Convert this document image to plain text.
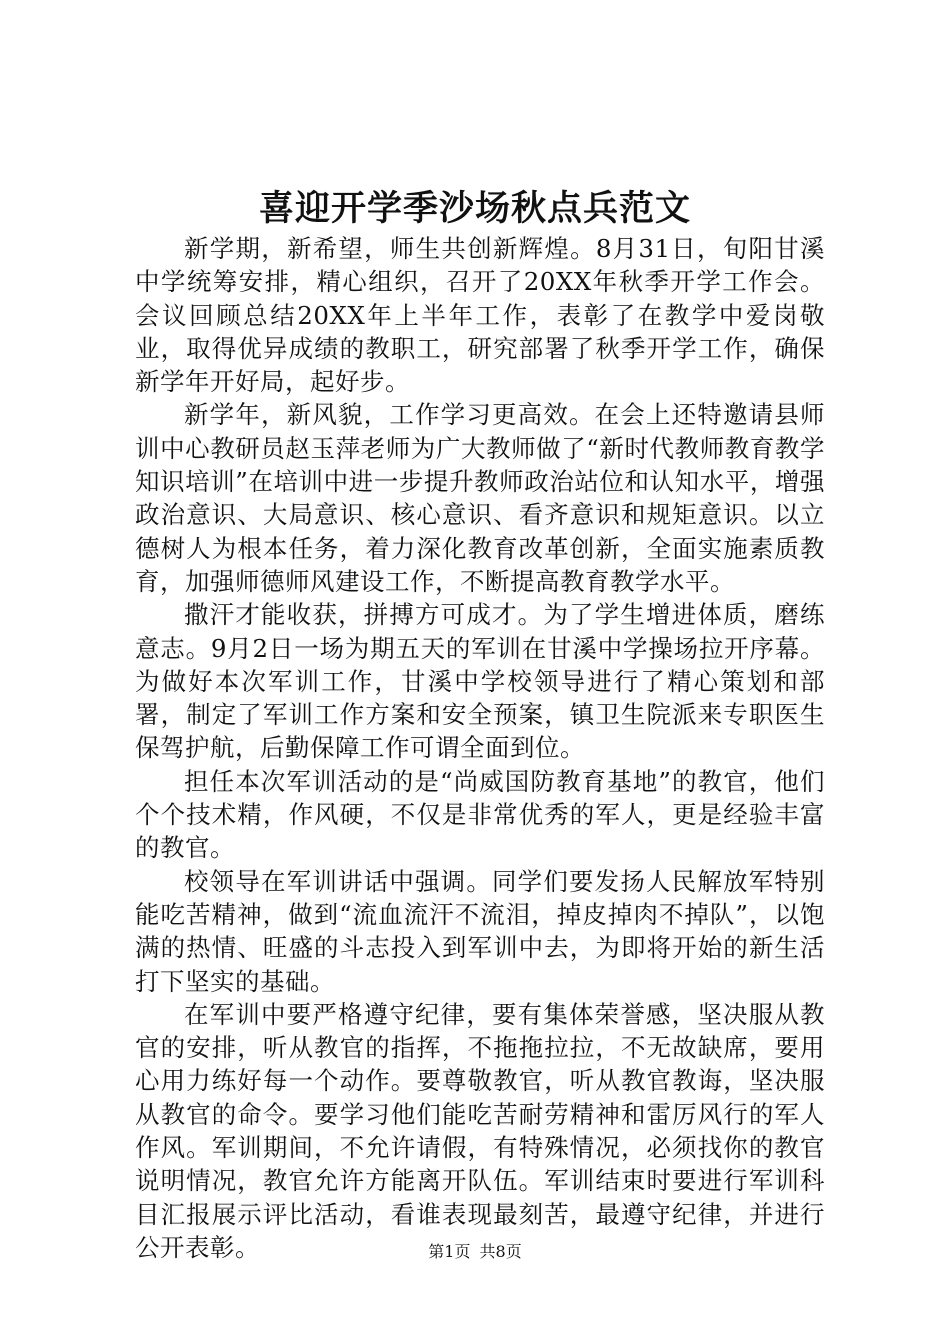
喜迎开学季沙场秋点兵范文

新学期，新希望，师生共创新辉煌。8月31日，旬阳甘溪中学统筹安排，精心组织，召开了20XX年秋季开学工作会。会议回顾总结20XX年上半年工作，表彰了在教学中爱岗敬业，取得优异成绩的教职工，研究部署了秋季开学工作，确保新学年开好局，起好步。

新学年，新风貌，工作学习更高效。在会上还特邀请县师训中心教研员赵玉萍老师为广大教师做了“新时代教师教育教学知识培训”在培训中进一步提升教师政治站位和认知水平，增强政治意识、大局意识、核心意识、看齐意识和规矩意识。以立德树人为根本任务，着力深化教育改革创新，全面实施素质教育，加强师德师风建设工作，不断提高教育教学水平。

撒汗才能收获，拼搏方可成才。为了学生增进体质，磨练意志。9月2日一场为期五天的军训在甘溪中学操场拉开序幕。为做好本次军训工作，甘溪中学校领导进行了精心策划和部署，制定了军训工作方案和安全预案，镇卫生院派来专职医生保驾护航，后勤保障工作可谓全面到位。

担任本次军训活动的是“尚威国防教育基地”的教官，他们个个技术精，作风硬，不仅是非常优秀的军人，更是经验丰富的教官。

校领导在军训讲话中强调。同学们要发扬人民解放军特别能吃苦精神，做到“流血流汗不流泪，掉皮掉肉不掉队”，以饱满的热情、旺盛的斗志投入到军训中去，为即将开始的新生活打下坚实的基础。

在军训中要严格遵守纪律，要有集体荣誉感，坚决服从教官的安排，听从教官的指挥，不拖拖拉拉，不无故缺席，要用心用力练好每一个动作。要尊敬教官，听从教官教诲，坚决服从教官的命令。要学习他们能吃苦耐劳精神和雷厉风行的军人作风。军训期间，不允许请假，有特殊情况，必须找你的教官说明情况，教官允许方能离开队伍。军训结束时要进行军训科目汇报展示评比活动，看谁表现最刻苦，最遵守纪律，并进行公开表彰。	第1页 共8页
